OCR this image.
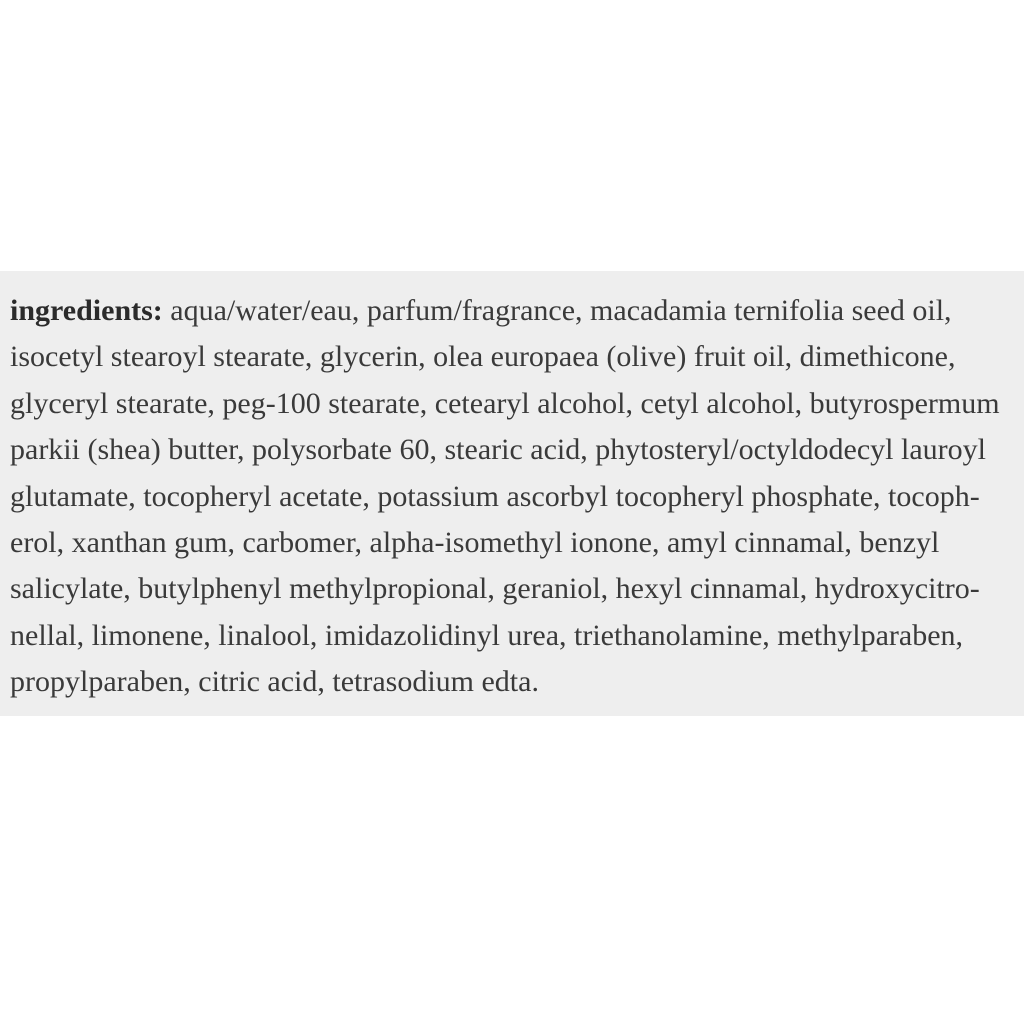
ingredients: aqua/water/eau, parfum/fragrance, macadamia ternifolia seed oil,
isocetyl stearoyl stearate, glycerin, olea europaea (olive) fruit oil, dimethicone,
glyceryl stearate, peg-100 stearate, cetearyl alcohol, cetyl alcohol, butyrospermum
parkii (shea) butter, polysorbate 60, stearic acid, phytosteryl/octyldodecyl lauroyl
glutamate, tocopheryl acetate, potassium ascorbyl tocopheryl phosphate, tocoph-
erol, xanthan gum, carbomer, alpha-isomethyl ionone, amyl cinnamal, benzyl
salicylate, butylphenyl methylpropional, geraniol, hexyl cinnamal, hydroxycitro-
nellal, limonene, linalool, imidazolidinyl urea, triethanolamine, methylparaben,
propylparaben, citric acid, tetrasodium edta.
